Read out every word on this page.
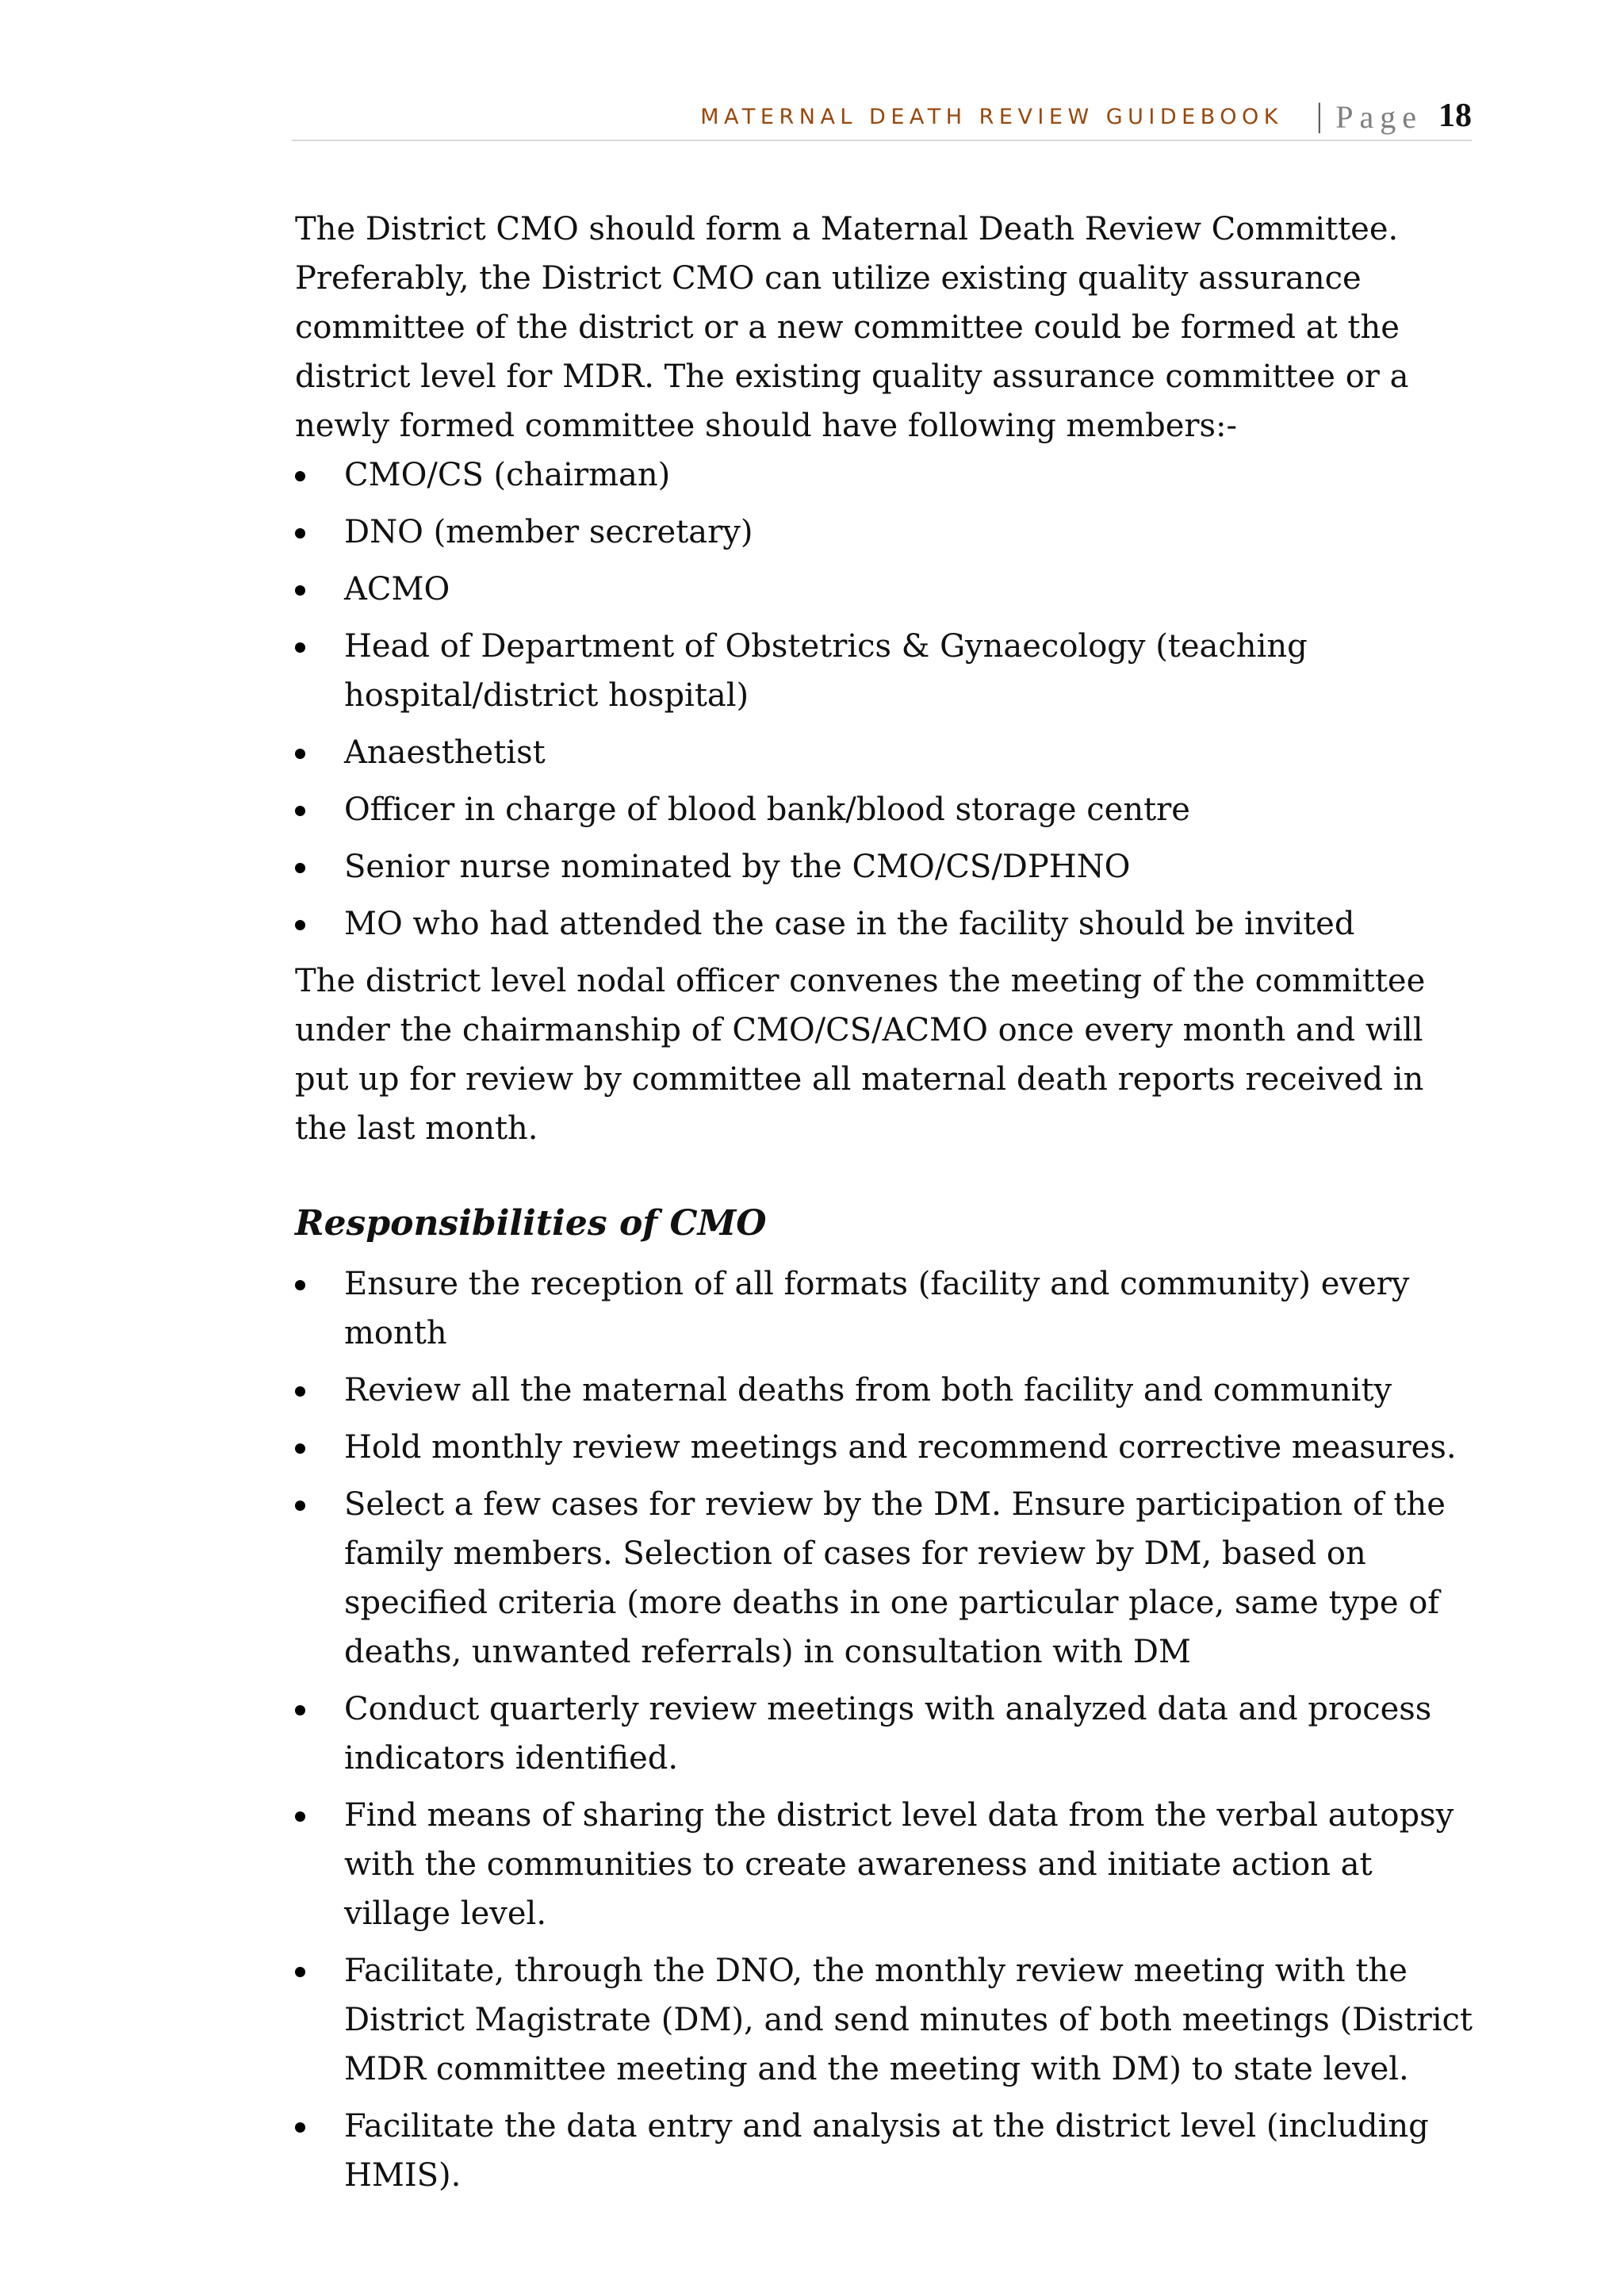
MATERNAL DEATH REVIEW GUIDEBOOK | Page 18

The District CMO should form a Maternal Death Review Committee. Preferably, the District CMO can utilize existing quality assurance committee of the district or a new committee could be formed at the district level for MDR. The existing quality assurance committee or a newly formed committee should have following members:-

CMO/CS (chairman)
DNO (member secretary)
ACMO
Head of Department of Obstetrics & Gynaecology (teaching hospital/district hospital)
Anaesthetist
Officer in charge of blood bank/blood storage centre
Senior nurse nominated by the CMO/CS/DPHNO
MO who had attended the case in the facility should be invited

The district level nodal officer convenes the meeting of the committee under the chairmanship of CMO/CS/ACMO once every month and will put up for review by committee all maternal death reports received in the last month.

Responsibilities of CMO
Ensure the reception of all formats (facility and community) every month
Review all the maternal deaths from both facility and community
Hold monthly review meetings and recommend corrective measures.
Select a few cases for review by the DM. Ensure participation of the family members. Selection of cases for review by DM, based on specified criteria (more deaths in one particular place, same type of deaths, unwanted referrals) in consultation with DM
Conduct quarterly review meetings with analyzed data and process indicators identified.
Find means of sharing the district level data from the verbal autopsy with the communities to create awareness and initiate action at village level.
Facilitate, through the DNO, the monthly review meeting with the District Magistrate (DM), and send minutes of both meetings (District MDR committee meeting and the meeting with DM) to state level.
Facilitate the data entry and analysis at the district level (including HMIS).
